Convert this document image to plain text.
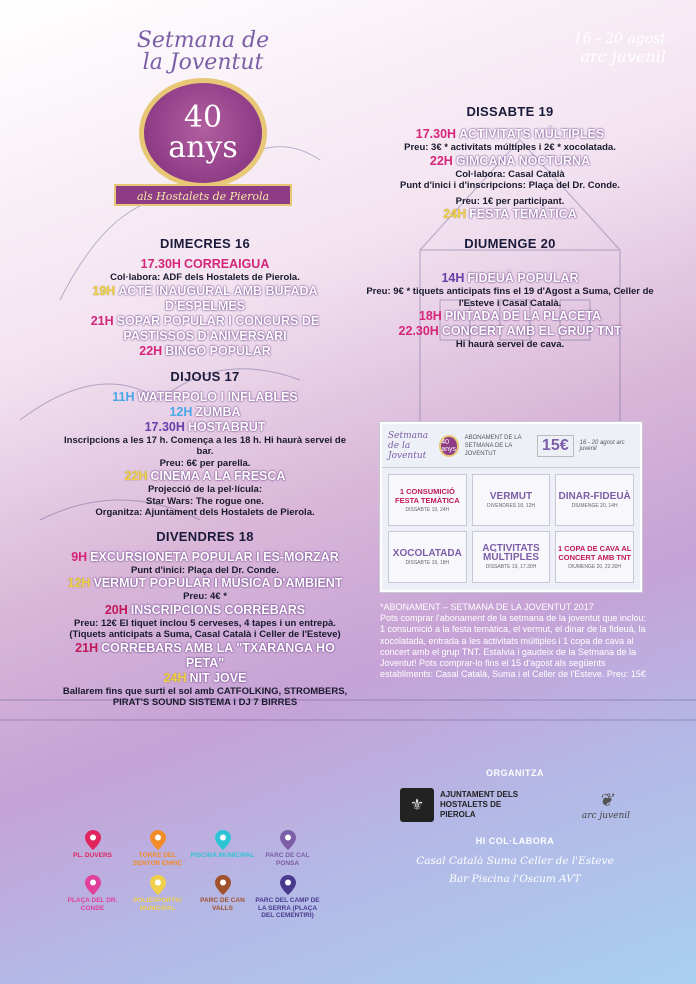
Setmana de
la Joventut
40
anys
als Hostalets de Pierola
16 - 20 agost
arc juvenil
DIMECRES 16
17.30H CORREAIGUA
Col·labora: ADF dels Hostalets de Pierola.
19H ACTE INAUGURAL AMB BUFADA D'ESPELMES
21H SOPAR POPULAR I CONCURS DE PASTISSOS D'ANIVERSARI
22H BINGO POPULAR
DIJOUS 17
11H WATERPOLO I INFLABLES
12H ZUMBA
17.30H HOSTABRUT
Inscripcions a les 17 h. Comença a les 18 h. Hi haurà servei de bar.
Preu: 6€ per parella.
22H CINEMA A LA FRESCA
Projecció de la pel·lícula:
Star Wars: The rogue one.
Organitza: Ajuntament dels Hostalets de Pierola.
DIVENDRES 18
9H EXCURSIONETA POPULAR I ES-MORZAR
Punt d'inici: Plaça del Dr. Conde.
12H VERMUT POPULAR I MÚSICA D'AMBIENT
Preu: 4€ *
20H INSCRIPCIONS CORREBARS
Preu: 12€ El tiquet inclou 5 cerveses, 4 tapes i un entrepà. (Tiquets anticipats a Suma, Casal Català i Celler de l'Esteve)
21H CORREBARS AMB LA "TXARANGA HO PETA"
24H NIT JOVE
Ballarem fins que surti el sol amb CATFOLKING, STROMBERS, PIRAT'S SOUND SISTEMA i DJ 7 BIRRES
DISSABTE 19
17.30H ACTIVITATS MÚLTIPLES
Preu: 3€ * activitats múltiples i 2€ * xocolatada.
22H GIMCANA NOCTURNA
Col·labora: Casal Català
Punt d'inici i d'inscripcions: Plaça del Dr. Conde.
Preu: 1€ per participant.
24H FESTA TEMÀTICA
DIUMENGE 20
14H FIDEUÀ POPULAR
Preu: 9€ * tiquets anticipats fins el 19 d'Agost a Suma, Celler de l'Esteve i Casal Català.
18H PINTADA DE LA PLACETA
22.30H CONCERT AMB EL GRUP TNT
Hi haurà servei de cava.
Setmana de la Joventut
40 anys
ABONAMENT DE LA SETMANA DE LA JOVENTUT	15€	16 - 20 agost arc juvenil
1 CONSUMICIÓ FESTA TEMÀTICA
DISSABTE 19, 24H
VERMUT
DIVENDRES 18, 12H
DINAR-FIDEUÀ
DIUMENGE 20, 14H
XOCOLATADA
DISSABTE 19, 18H
ACTIVITATS MÚLTIPLES
DISSABTE 19, 17.30H
1 COPA DE CAVA AL CONCERT AMB TNT
DIUMENGE 20, 22.30H
*ABONAMENT – SETMANA DE LA JOVENTUT 2017
Pots comprar l'abonament de la setmana de la joventut que inclou: 1 consumició a la festa temàtica, el vermut, el dinar de la fideuà, la xocolatada, entrada a les activitats múltiples i 1 copa de cava al concert amb el grup TNT. Estalvia i gaudeix de la Setmana de la Joventut! Pots comprar-lo fins el 15 d'agost als següents establiments: Casal Català, Suma i el Celler de l'Esteve. Preu: 15€
ORGANITZA
⚜
AJUNTAMENT DELS HOSTALETS DE PIEROLA
❦
arc juvenil
HI COL·LABORA
Casal Català Suma Celler de l'Esteve
Bar Piscina l'Oscum AVT
PL. DUVERS	TORRE DEL SENYOR ENRIC
PISCINA MUNICIPAL	PARC DE CAL PONSA
PLAÇA DEL DR. CONDE
POLIESPORTIU MUNICIPAL
PARC DE CAN VALLS
PARC DEL CAMP DE LA SERRA (PLAÇA DEL CEMENTIRI)
